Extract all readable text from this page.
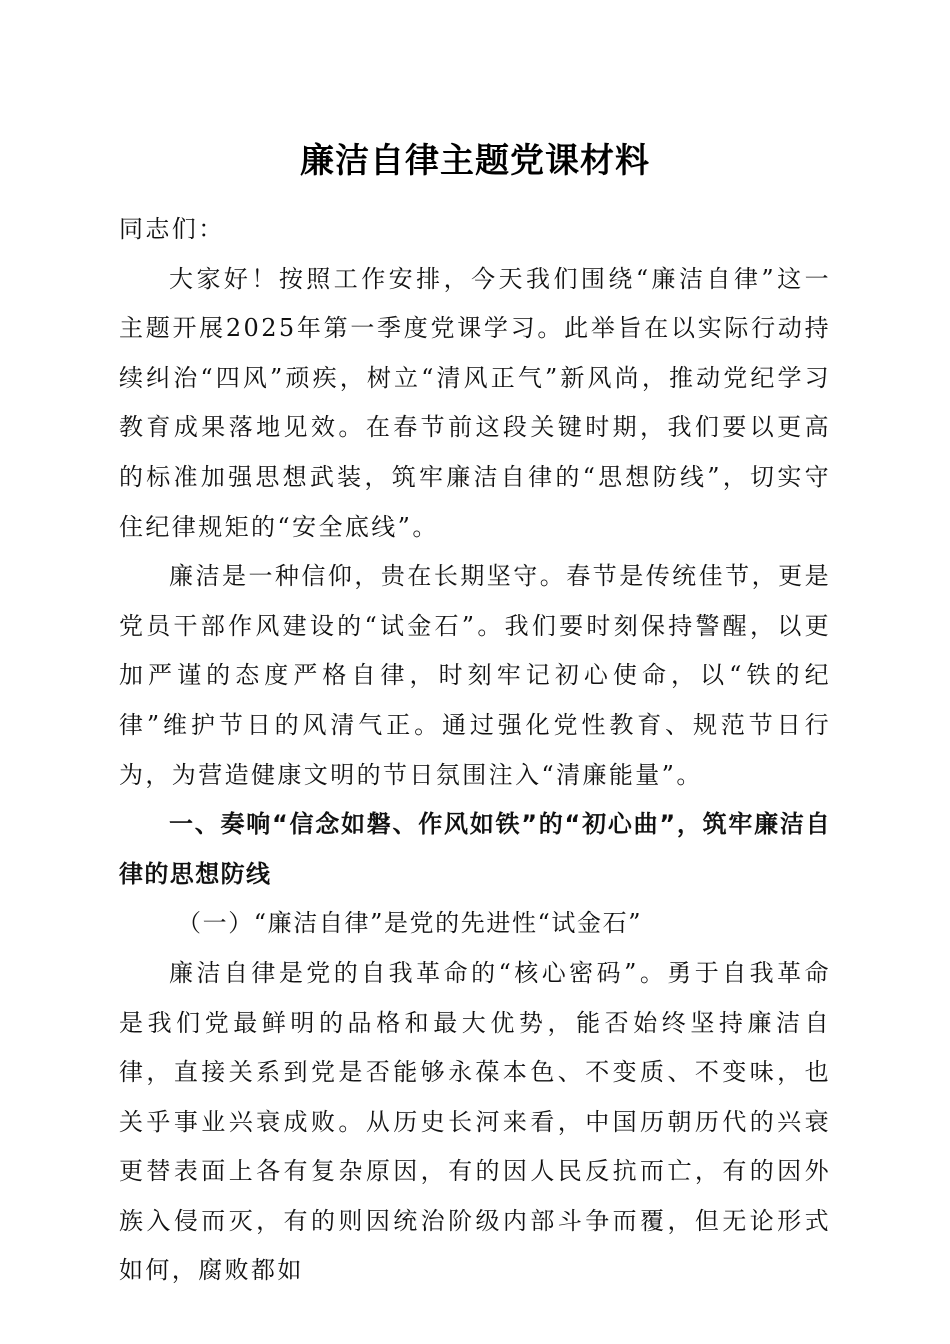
廉洁自律主题党课材料

同志们：

大家好！按照工作安排，今天我们围绕“廉洁自律”这一主题开展2025年第一季度党课学习。此举旨在以实际行动持续纠治“四风”顽疾，树立“清风正气”新风尚，推动党纪学习教育成果落地见效。在春节前这段关键时期，我们要以更高的标准加强思想武装，筑牢廉洁自律的“思想防线”，切实守住纪律规矩的“安全底线”。

廉洁是一种信仰，贵在长期坚守。春节是传统佳节，更是党员干部作风建设的“试金石”。我们要时刻保持警醒，以更加严谨的态度严格自律，时刻牢记初心使命，以“铁的纪律”维护节日的风清气正。通过强化党性教育、规范节日行为，为营造健康文明的节日氛围注入“清廉能量”。

一、奏响“信念如磐、作风如铁”的“初心曲”，筑牢廉洁自律的思想防线

（一）“廉洁自律”是党的先进性“试金石”

廉洁自律是党的自我革命的“核心密码”。勇于自我革命是我们党最鲜明的品格和最大优势，能否始终坚持廉洁自律，直接关系到党是否能够永葆本色、不变质、不变味，也关乎事业兴衰成败。从历史长河来看，中国历朝历代的兴衰更替表面上各有复杂原因，有的因人民反抗而亡，有的因外族入侵而灭，有的则因统治阶级内部斗争而覆，但无论形式如何，腐败都如
